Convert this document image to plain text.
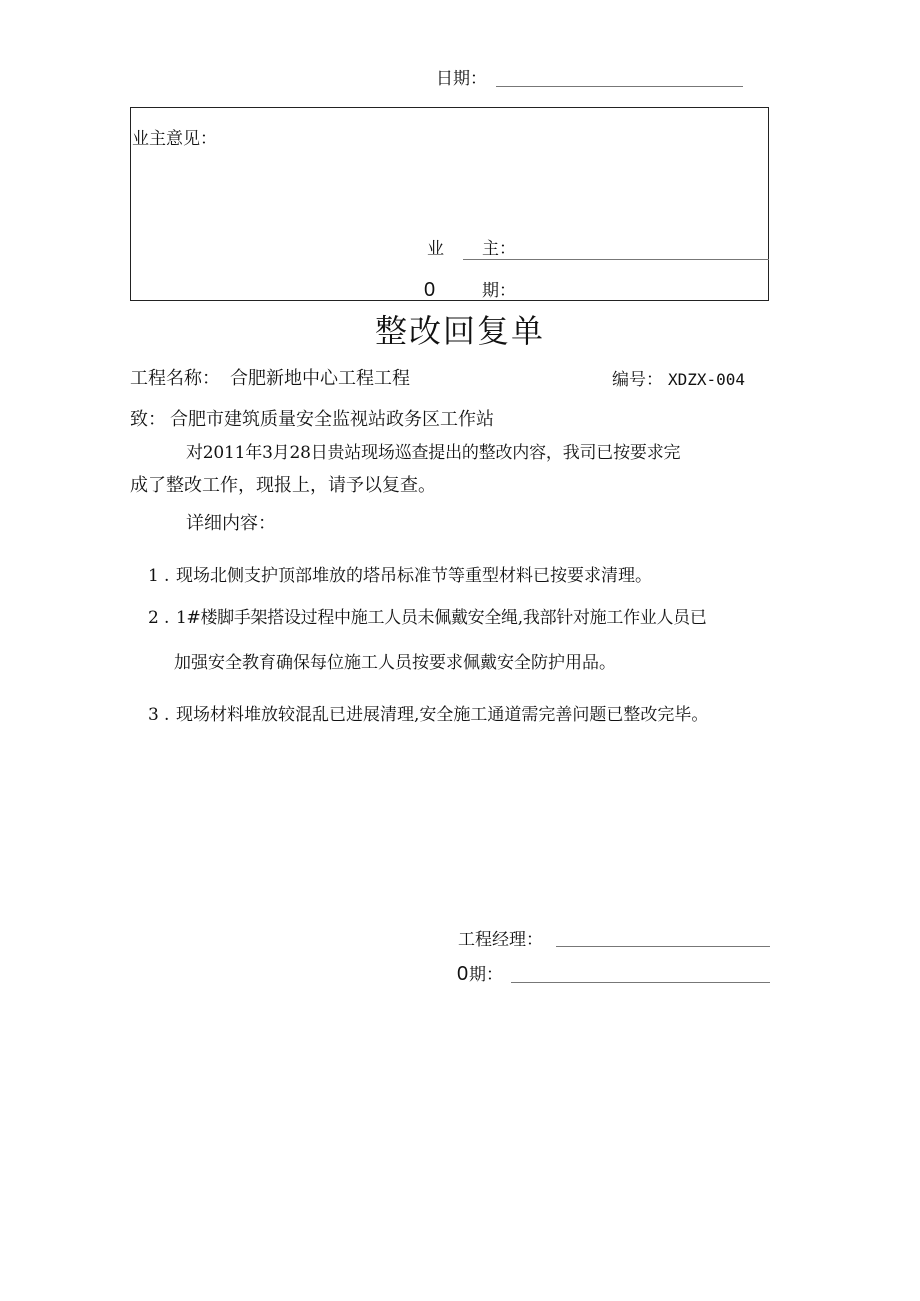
日期：
业主意见：
业 主：
0	期：
整改回复单
工程名称： 合肥新地中心工程工程	编号： XDZX-004
致： 合肥市建筑质量安全监视站政务区工作站
对2011年3月28日贵站现场巡查提出的整改内容，我司已按要求完
成了整改工作，现报上，请予以复查。
详细内容：
1 . 现场北侧支护顶部堆放的塔吊标准节等重型材料已按要求清理。
2 . 1#楼脚手架搭设过程中施工人员未佩戴安全绳,我部针对施工作业人员已
加强安全教育确保每位施工人员按要求佩戴安全防护用品。
3 . 现场材料堆放较混乱已进展清理,安全施工通道需完善问题已整改完毕。
工程经理：
0 期：
